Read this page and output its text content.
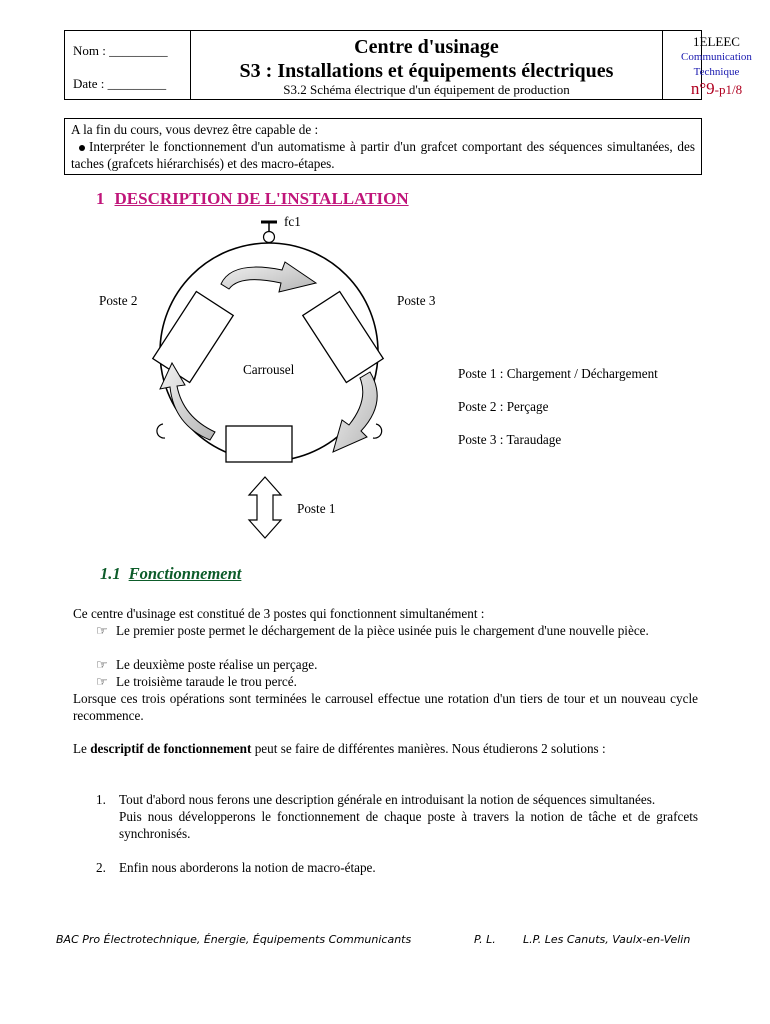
Nom : _________
Date : _________
Centre d'usinage
S3 : Installations et équipements électriques
S3.2 Schéma électrique d'un équipement de production
1ELEEC
Communication
Technique
n°9-p1/8
A la fin du cours, vous devrez être capable de :
Interpréter le fonctionnement d'un automatisme à partir d'un grafcet comportant des séquences simultanées, des taches (grafcets hiérarchisés) et des macro-étapes.
1 DESCRIPTION DE L'INSTALLATION
fc1
Poste 2	Poste 3
Carrousel
Poste 1
Poste 1 : Chargement / Déchargement
Poste 2 : Perçage
Poste 3 : Taraudage
1.1 Fonctionnement
Ce centre d'usinage est constitué de 3 postes qui fonctionnent simultanément :
☞ Le premier poste permet le déchargement de la pièce usinée puis le chargement d'une nouvelle pièce.
☞ Le deuxième poste réalise un perçage.
☞ Le troisième taraude le trou percé.
Lorsque ces trois opérations sont terminées le carrousel effectue une rotation d'un tiers de tour et un nouveau cycle recommence.
Le descriptif de fonctionnement peut se faire de différentes manières. Nous étudierons 2 solutions :
1. Tout d'abord nous ferons une description générale en introduisant la notion de séquences simultanées.
Puis nous développerons le fonctionnement de chaque poste à travers la notion de tâche et de grafcets synchronisés.
2. Enfin nous aborderons la notion de macro-étape.
BAC Pro Électrotechnique, Énergie, Équipements Communicants	P. L. L.P. Les Canuts, Vaulx-en-Velin
